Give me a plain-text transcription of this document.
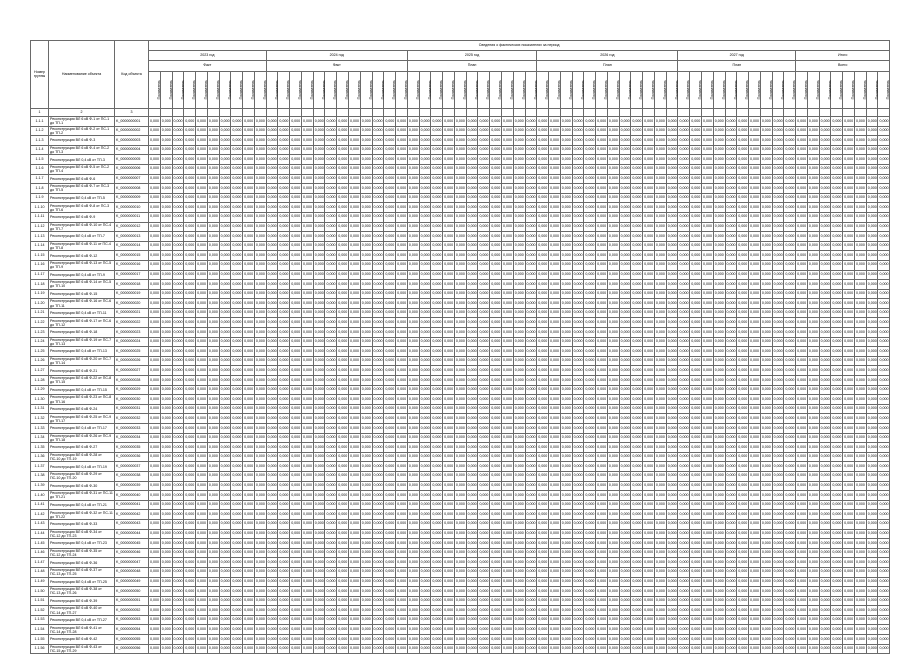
Номер группы	Наименование объекта	Код объекта	Сведения о фактических показателях за период
2023 год	2024 год	2025 год	2026 год	2027 год	Итого
Факт	Факт	План	План	План	Всего
Показатель	Показатель	Показатель	Показатель	Показатель	Показатель	Показатель	Показатель	Показатель	Показатель	Показатель	Показатель	Показатель	Показатель	Показатель	Показатель	Показатель	Показатель	Показатель	Показатель	Показатель	Показатель	Показатель	Показатель	Показатель	Показатель	Показатель	Показатель	Показатель	Показатель	Показатель	Показатель	Показатель	Показатель	Показатель	Показатель	Показатель	Показатель	Показатель	Показатель	Показатель	Показатель	Показатель	Показатель	Показатель	Показатель	Показатель	Показатель	Показатель	Показатель	Показатель	Показатель	Показатель	Показатель	Показатель	Показатель	Показатель	Показатель	Показатель	Показатель	Показатель	Показатель	Показатель
1	2	3																																																															
1.1.1	Реконструкция ВЛ 6 кВ Ф-1 от ПС-1 до ТП-1	K_0000000001	0,000	0,000	0,000	0,000	0,000	0,000	0,000	0,000	0,000	0,000	0,000	0,000	0,000	0,000	0,000	0,000	0,000	0,000	0,000	0,000	0,000	0,000	0,000	0,000	0,000	0,000	0,000	0,000	0,000	0,000	0,000	0,000	0,000	0,000	0,000	0,000	0,000	0,000	0,000	0,000	0,000	0,000	0,000	0,000	0,000	0,000	0,000	0,000	0,000	0,000	0,000	0,000	0,000	0,000	0,000	0,000	0,000	0,000	0,000	0,000	0,000	0,000	0,000
1.1.2	Реконструкция ВЛ 6 кВ Ф-2 от ПС-1 до ТП-2	K_0000000002	0,000	0,000	0,000	0,000	0,000	0,000	0,000	0,000	0,000	0,000	0,000	0,000	0,000	0,000	0,000	0,000	0,000	0,000	0,000	0,000	0,000	0,000	0,000	0,000	0,000	0,000	0,000	0,000	0,000	0,000	0,000	0,000	0,000	0,000	0,000	0,000	0,000	0,000	0,000	0,000	0,000	0,000	0,000	0,000	0,000	0,000	0,000	0,000	0,000	0,000	0,000	0,000	0,000	0,000	0,000	0,000	0,000	0,000	0,000	0,000	0,000	0,000	0,000
1.1.3	Реконструкция ВЛ 6 кВ Ф-3	K_0000000003	0,000	0,000	0,000	0,000	0,000	0,000	0,000	0,000	0,000	0,000	0,000	0,000	0,000	0,000	0,000	0,000	0,000	0,000	0,000	0,000	0,000	0,000	0,000	0,000	0,000	0,000	0,000	0,000	0,000	0,000	0,000	0,000	0,000	0,000	0,000	0,000	0,000	0,000	0,000	0,000	0,000	0,000	0,000	0,000	0,000	0,000	0,000	0,000	0,000	0,000	0,000	0,000	0,000	0,000	0,000	0,000	0,000	0,000	0,000	0,000	0,000	0,000	0,000
1.1.4	Реконструкция ВЛ 6 кВ Ф-4 от ПС-2 до ТП-3	K_0000000004	0,000	0,000	0,000	0,000	0,000	0,000	0,000	0,000	0,000	0,000	0,000	0,000	0,000	0,000	0,000	0,000	0,000	0,000	0,000	0,000	0,000	0,000	0,000	0,000	0,000	0,000	0,000	0,000	0,000	0,000	0,000	0,000	0,000	0,000	0,000	0,000	0,000	0,000	0,000	0,000	0,000	0,000	0,000	0,000	0,000	0,000	0,000	0,000	0,000	0,000	0,000	0,000	0,000	0,000	0,000	0,000	0,000	0,000	0,000	0,000	0,000	0,000	0,000
1.1.5	Реконструкция ВЛ 0,4 кВ от ТП-3	K_0000000005	0,000	0,000	0,000	0,000	0,000	0,000	0,000	0,000	0,000	0,000	0,000	0,000	0,000	0,000	0,000	0,000	0,000	0,000	0,000	0,000	0,000	0,000	0,000	0,000	0,000	0,000	0,000	0,000	0,000	0,000	0,000	0,000	0,000	0,000	0,000	0,000	0,000	0,000	0,000	0,000	0,000	0,000	0,000	0,000	0,000	0,000	0,000	0,000	0,000	0,000	0,000	0,000	0,000	0,000	0,000	0,000	0,000	0,000	0,000	0,000	0,000	0,000	0,000
1.1.6	Реконструкция ВЛ 6 кВ Ф-5 от ПС-2 до ТП-4	K_0000000006	0,000	0,000	0,000	0,000	0,000	0,000	0,000	0,000	0,000	0,000	0,000	0,000	0,000	0,000	0,000	0,000	0,000	0,000	0,000	0,000	0,000	0,000	0,000	0,000	0,000	0,000	0,000	0,000	0,000	0,000	0,000	0,000	0,000	0,000	0,000	0,000	0,000	0,000	0,000	0,000	0,000	0,000	0,000	0,000	0,000	0,000	0,000	0,000	0,000	0,000	0,000	0,000	0,000	0,000	0,000	0,000	0,000	0,000	0,000	0,000	0,000	0,000	0,000
1.1.7	Реконструкция ВЛ 6 кВ Ф-6	K_0000000007	0,000	0,000	0,000	0,000	0,000	0,000	0,000	0,000	0,000	0,000	0,000	0,000	0,000	0,000	0,000	0,000	0,000	0,000	0,000	0,000	0,000	0,000	0,000	0,000	0,000	0,000	0,000	0,000	0,000	0,000	0,000	0,000	0,000	0,000	0,000	0,000	0,000	0,000	0,000	0,000	0,000	0,000	0,000	0,000	0,000	0,000	0,000	0,000	0,000	0,000	0,000	0,000	0,000	0,000	0,000	0,000	0,000	0,000	0,000	0,000	0,000	0,000	0,000
1.1.8	Реконструкция ВЛ 6 кВ Ф-7 от ПС-3 до ТП-5	K_0000000008	0,000	0,000	0,000	0,000	0,000	0,000	0,000	0,000	0,000	0,000	0,000	0,000	0,000	0,000	0,000	0,000	0,000	0,000	0,000	0,000	0,000	0,000	0,000	0,000	0,000	0,000	0,000	0,000	0,000	0,000	0,000	0,000	0,000	0,000	0,000	0,000	0,000	0,000	0,000	0,000	0,000	0,000	0,000	0,000	0,000	0,000	0,000	0,000	0,000	0,000	0,000	0,000	0,000	0,000	0,000	0,000	0,000	0,000	0,000	0,000	0,000	0,000	0,000
1.1.9	Реконструкция ВЛ 0,4 кВ от ТП-5	K_0000000009	0,000	0,000	0,000	0,000	0,000	0,000	0,000	0,000	0,000	0,000	0,000	0,000	0,000	0,000	0,000	0,000	0,000	0,000	0,000	0,000	0,000	0,000	0,000	0,000	0,000	0,000	0,000	0,000	0,000	0,000	0,000	0,000	0,000	0,000	0,000	0,000	0,000	0,000	0,000	0,000	0,000	0,000	0,000	0,000	0,000	0,000	0,000	0,000	0,000	0,000	0,000	0,000	0,000	0,000	0,000	0,000	0,000	0,000	0,000	0,000	0,000	0,000	0,000
1.1.10	Реконструкция ВЛ 6 кВ Ф-8 от ПС-3 до ТП-6	K_0000000010	0,000	0,000	0,000	0,000	0,000	0,000	0,000	0,000	0,000	0,000	0,000	0,000	0,000	0,000	0,000	0,000	0,000	0,000	0,000	0,000	0,000	0,000	0,000	0,000	0,000	0,000	0,000	0,000	0,000	0,000	0,000	0,000	0,000	0,000	0,000	0,000	0,000	0,000	0,000	0,000	0,000	0,000	0,000	0,000	0,000	0,000	0,000	0,000	0,000	0,000	0,000	0,000	0,000	0,000	0,000	0,000	0,000	0,000	0,000	0,000	0,000	0,000	0,000
1.1.11	Реконструкция ВЛ 6 кВ Ф-9	K_0000000011	0,000	0,000	0,000	0,000	0,000	0,000	0,000	0,000	0,000	0,000	0,000	0,000	0,000	0,000	0,000	0,000	0,000	0,000	0,000	0,000	0,000	0,000	0,000	0,000	0,000	0,000	0,000	0,000	0,000	0,000	0,000	0,000	0,000	0,000	0,000	0,000	0,000	0,000	0,000	0,000	0,000	0,000	0,000	0,000	0,000	0,000	0,000	0,000	0,000	0,000	0,000	0,000	0,000	0,000	0,000	0,000	0,000	0,000	0,000	0,000	0,000	0,000	0,000
1.1.12	Реконструкция ВЛ 6 кВ Ф-10 от ПС-4 до ТП-7	K_0000000012	0,000	0,000	0,000	0,000	0,000	0,000	0,000	0,000	0,000	0,000	0,000	0,000	0,000	0,000	0,000	0,000	0,000	0,000	0,000	0,000	0,000	0,000	0,000	0,000	0,000	0,000	0,000	0,000	0,000	0,000	0,000	0,000	0,000	0,000	0,000	0,000	0,000	0,000	0,000	0,000	0,000	0,000	0,000	0,000	0,000	0,000	0,000	0,000	0,000	0,000	0,000	0,000	0,000	0,000	0,000	0,000	0,000	0,000	0,000	0,000	0,000	0,000	0,000
1.1.13	Реконструкция ВЛ 0,4 кВ от ТП-7	K_0000000013	0,000	0,000	0,000	0,000	0,000	0,000	0,000	0,000	0,000	0,000	0,000	0,000	0,000	0,000	0,000	0,000	0,000	0,000	0,000	0,000	0,000	0,000	0,000	0,000	0,000	0,000	0,000	0,000	0,000	0,000	0,000	0,000	0,000	0,000	0,000	0,000	0,000	0,000	0,000	0,000	0,000	0,000	0,000	0,000	0,000	0,000	0,000	0,000	0,000	0,000	0,000	0,000	0,000	0,000	0,000	0,000	0,000	0,000	0,000	0,000	0,000	0,000	0,000
1.1.14	Реконструкция ВЛ 6 кВ Ф-11 от ПС-4 до ТП-8	K_0000000014	0,000	0,000	0,000	0,000	0,000	0,000	0,000	0,000	0,000	0,000	0,000	0,000	0,000	0,000	0,000	0,000	0,000	0,000	0,000	0,000	0,000	0,000	0,000	0,000	0,000	0,000	0,000	0,000	0,000	0,000	0,000	0,000	0,000	0,000	0,000	0,000	0,000	0,000	0,000	0,000	0,000	0,000	0,000	0,000	0,000	0,000	0,000	0,000	0,000	0,000	0,000	0,000	0,000	0,000	0,000	0,000	0,000	0,000	0,000	0,000	0,000	0,000	0,000
1.1.15	Реконструкция ВЛ 6 кВ Ф-12	K_0000000015	0,000	0,000	0,000	0,000	0,000	0,000	0,000	0,000	0,000	0,000	0,000	0,000	0,000	0,000	0,000	0,000	0,000	0,000	0,000	0,000	0,000	0,000	0,000	0,000	0,000	0,000	0,000	0,000	0,000	0,000	0,000	0,000	0,000	0,000	0,000	0,000	0,000	0,000	0,000	0,000	0,000	0,000	0,000	0,000	0,000	0,000	0,000	0,000	0,000	0,000	0,000	0,000	0,000	0,000	0,000	0,000	0,000	0,000	0,000	0,000	0,000	0,000	0,000
1.1.16	Реконструкция ВЛ 6 кВ Ф-13 от ПС-5 до ТП-9	K_0000000016	0,000	0,000	0,000	0,000	0,000	0,000	0,000	0,000	0,000	0,000	0,000	0,000	0,000	0,000	0,000	0,000	0,000	0,000	0,000	0,000	0,000	0,000	0,000	0,000	0,000	0,000	0,000	0,000	0,000	0,000	0,000	0,000	0,000	0,000	0,000	0,000	0,000	0,000	0,000	0,000	0,000	0,000	0,000	0,000	0,000	0,000	0,000	0,000	0,000	0,000	0,000	0,000	0,000	0,000	0,000	0,000	0,000	0,000	0,000	0,000	0,000	0,000	0,000
1.1.17	Реконструкция ВЛ 0,4 кВ от ТП-9	K_0000000017	0,000	0,000	0,000	0,000	0,000	0,000	0,000	0,000	0,000	0,000	0,000	0,000	0,000	0,000	0,000	0,000	0,000	0,000	0,000	0,000	0,000	0,000	0,000	0,000	0,000	0,000	0,000	0,000	0,000	0,000	0,000	0,000	0,000	0,000	0,000	0,000	0,000	0,000	0,000	0,000	0,000	0,000	0,000	0,000	0,000	0,000	0,000	0,000	0,000	0,000	0,000	0,000	0,000	0,000	0,000	0,000	0,000	0,000	0,000	0,000	0,000	0,000	0,000
1.1.18	Реконструкция ВЛ 6 кВ Ф-14 от ПС-5 до ТП-10	K_0000000018	0,000	0,000	0,000	0,000	0,000	0,000	0,000	0,000	0,000	0,000	0,000	0,000	0,000	0,000	0,000	0,000	0,000	0,000	0,000	0,000	0,000	0,000	0,000	0,000	0,000	0,000	0,000	0,000	0,000	0,000	0,000	0,000	0,000	0,000	0,000	0,000	0,000	0,000	0,000	0,000	0,000	0,000	0,000	0,000	0,000	0,000	0,000	0,000	0,000	0,000	0,000	0,000	0,000	0,000	0,000	0,000	0,000	0,000	0,000	0,000	0,000	0,000	0,000
1.1.19	Реконструкция ВЛ 6 кВ Ф-15	K_0000000019	0,000	0,000	0,000	0,000	0,000	0,000	0,000	0,000	0,000	0,000	0,000	0,000	0,000	0,000	0,000	0,000	0,000	0,000	0,000	0,000	0,000	0,000	0,000	0,000	0,000	0,000	0,000	0,000	0,000	0,000	0,000	0,000	0,000	0,000	0,000	0,000	0,000	0,000	0,000	0,000	0,000	0,000	0,000	0,000	0,000	0,000	0,000	0,000	0,000	0,000	0,000	0,000	0,000	0,000	0,000	0,000	0,000	0,000	0,000	0,000	0,000	0,000	0,000
1.1.20	Реконструкция ВЛ 6 кВ Ф-16 от ПС-6 до ТП-11	K_0000000020	0,000	0,000	0,000	0,000	0,000	0,000	0,000	0,000	0,000	0,000	0,000	0,000	0,000	0,000	0,000	0,000	0,000	0,000	0,000	0,000	0,000	0,000	0,000	0,000	0,000	0,000	0,000	0,000	0,000	0,000	0,000	0,000	0,000	0,000	0,000	0,000	0,000	0,000	0,000	0,000	0,000	0,000	0,000	0,000	0,000	0,000	0,000	0,000	0,000	0,000	0,000	0,000	0,000	0,000	0,000	0,000	0,000	0,000	0,000	0,000	0,000	0,000	0,000
1.1.21	Реконструкция ВЛ 0,4 кВ от ТП-11	K_0000000021	0,000	0,000	0,000	0,000	0,000	0,000	0,000	0,000	0,000	0,000	0,000	0,000	0,000	0,000	0,000	0,000	0,000	0,000	0,000	0,000	0,000	0,000	0,000	0,000	0,000	0,000	0,000	0,000	0,000	0,000	0,000	0,000	0,000	0,000	0,000	0,000	0,000	0,000	0,000	0,000	0,000	0,000	0,000	0,000	0,000	0,000	0,000	0,000	0,000	0,000	0,000	0,000	0,000	0,000	0,000	0,000	0,000	0,000	0,000	0,000	0,000	0,000	0,000
1.1.22	Реконструкция ВЛ 6 кВ Ф-17 от ПС-6 до ТП-12	K_0000000022	0,000	0,000	0,000	0,000	0,000	0,000	0,000	0,000	0,000	0,000	0,000	0,000	0,000	0,000	0,000	0,000	0,000	0,000	0,000	0,000	0,000	0,000	0,000	0,000	0,000	0,000	0,000	0,000	0,000	0,000	0,000	0,000	0,000	0,000	0,000	0,000	0,000	0,000	0,000	0,000	0,000	0,000	0,000	0,000	0,000	0,000	0,000	0,000	0,000	0,000	0,000	0,000	0,000	0,000	0,000	0,000	0,000	0,000	0,000	0,000	0,000	0,000	0,000
1.1.23	Реконструкция ВЛ 6 кВ Ф-18	K_0000000023	0,000	0,000	0,000	0,000	0,000	0,000	0,000	0,000	0,000	0,000	0,000	0,000	0,000	0,000	0,000	0,000	0,000	0,000	0,000	0,000	0,000	0,000	0,000	0,000	0,000	0,000	0,000	0,000	0,000	0,000	0,000	0,000	0,000	0,000	0,000	0,000	0,000	0,000	0,000	0,000	0,000	0,000	0,000	0,000	0,000	0,000	0,000	0,000	0,000	0,000	0,000	0,000	0,000	0,000	0,000	0,000	0,000	0,000	0,000	0,000	0,000	0,000	0,000
1.1.24	Реконструкция ВЛ 6 кВ Ф-19 от ПС-7 до ТП-13	K_0000000024	0,000	0,000	0,000	0,000	0,000	0,000	0,000	0,000	0,000	0,000	0,000	0,000	0,000	0,000	0,000	0,000	0,000	0,000	0,000	0,000	0,000	0,000	0,000	0,000	0,000	0,000	0,000	0,000	0,000	0,000	0,000	0,000	0,000	0,000	0,000	0,000	0,000	0,000	0,000	0,000	0,000	0,000	0,000	0,000	0,000	0,000	0,000	0,000	0,000	0,000	0,000	0,000	0,000	0,000	0,000	0,000	0,000	0,000	0,000	0,000	0,000	0,000	0,000
1.1.25	Реконструкция ВЛ 0,4 кВ от ТП-13	K_0000000025	0,000	0,000	0,000	0,000	0,000	0,000	0,000	0,000	0,000	0,000	0,000	0,000	0,000	0,000	0,000	0,000	0,000	0,000	0,000	0,000	0,000	0,000	0,000	0,000	0,000	0,000	0,000	0,000	0,000	0,000	0,000	0,000	0,000	0,000	0,000	0,000	0,000	0,000	0,000	0,000	0,000	0,000	0,000	0,000	0,000	0,000	0,000	0,000	0,000	0,000	0,000	0,000	0,000	0,000	0,000	0,000	0,000	0,000	0,000	0,000	0,000	0,000	0,000
1.1.26	Реконструкция ВЛ 6 кВ Ф-20 от ПС-7 до ТП-14	K_0000000026	0,000	0,000	0,000	0,000	0,000	0,000	0,000	0,000	0,000	0,000	0,000	0,000	0,000	0,000	0,000	0,000	0,000	0,000	0,000	0,000	0,000	0,000	0,000	0,000	0,000	0,000	0,000	0,000	0,000	0,000	0,000	0,000	0,000	0,000	0,000	0,000	0,000	0,000	0,000	0,000	0,000	0,000	0,000	0,000	0,000	0,000	0,000	0,000	0,000	0,000	0,000	0,000	0,000	0,000	0,000	0,000	0,000	0,000	0,000	0,000	0,000	0,000	0,000
1.1.27	Реконструкция ВЛ 6 кВ Ф-21	K_0000000027	0,000	0,000	0,000	0,000	0,000	0,000	0,000	0,000	0,000	0,000	0,000	0,000	0,000	0,000	0,000	0,000	0,000	0,000	0,000	0,000	0,000	0,000	0,000	0,000	0,000	0,000	0,000	0,000	0,000	0,000	0,000	0,000	0,000	0,000	0,000	0,000	0,000	0,000	0,000	0,000	0,000	0,000	0,000	0,000	0,000	0,000	0,000	0,000	0,000	0,000	0,000	0,000	0,000	0,000	0,000	0,000	0,000	0,000	0,000	0,000	0,000	0,000	0,000
1.1.28	Реконструкция ВЛ 6 кВ Ф-22 от ПС-8 до ТП-15	K_0000000028	0,000	0,000	0,000	0,000	0,000	0,000	0,000	0,000	0,000	0,000	0,000	0,000	0,000	0,000	0,000	0,000	0,000	0,000	0,000	0,000	0,000	0,000	0,000	0,000	0,000	0,000	0,000	0,000	0,000	0,000	0,000	0,000	0,000	0,000	0,000	0,000	0,000	0,000	0,000	0,000	0,000	0,000	0,000	0,000	0,000	0,000	0,000	0,000	0,000	0,000	0,000	0,000	0,000	0,000	0,000	0,000	0,000	0,000	0,000	0,000	0,000	0,000	0,000
1.1.29	Реконструкция ВЛ 0,4 кВ от ТП-15	K_0000000029	0,000	0,000	0,000	0,000	0,000	0,000	0,000	0,000	0,000	0,000	0,000	0,000	0,000	0,000	0,000	0,000	0,000	0,000	0,000	0,000	0,000	0,000	0,000	0,000	0,000	0,000	0,000	0,000	0,000	0,000	0,000	0,000	0,000	0,000	0,000	0,000	0,000	0,000	0,000	0,000	0,000	0,000	0,000	0,000	0,000	0,000	0,000	0,000	0,000	0,000	0,000	0,000	0,000	0,000	0,000	0,000	0,000	0,000	0,000	0,000	0,000	0,000	0,000
1.1.30	Реконструкция ВЛ 6 кВ Ф-23 от ПС-8 до ТП-16	K_0000000030	0,000	0,000	0,000	0,000	0,000	0,000	0,000	0,000	0,000	0,000	0,000	0,000	0,000	0,000	0,000	0,000	0,000	0,000	0,000	0,000	0,000	0,000	0,000	0,000	0,000	0,000	0,000	0,000	0,000	0,000	0,000	0,000	0,000	0,000	0,000	0,000	0,000	0,000	0,000	0,000	0,000	0,000	0,000	0,000	0,000	0,000	0,000	0,000	0,000	0,000	0,000	0,000	0,000	0,000	0,000	0,000	0,000	0,000	0,000	0,000	0,000	0,000	0,000
1.1.31	Реконструкция ВЛ 6 кВ Ф-24	K_0000000031	0,000	0,000	0,000	0,000	0,000	0,000	0,000	0,000	0,000	0,000	0,000	0,000	0,000	0,000	0,000	0,000	0,000	0,000	0,000	0,000	0,000	0,000	0,000	0,000	0,000	0,000	0,000	0,000	0,000	0,000	0,000	0,000	0,000	0,000	0,000	0,000	0,000	0,000	0,000	0,000	0,000	0,000	0,000	0,000	0,000	0,000	0,000	0,000	0,000	0,000	0,000	0,000	0,000	0,000	0,000	0,000	0,000	0,000	0,000	0,000	0,000	0,000	0,000
1.1.32	Реконструкция ВЛ 6 кВ Ф-25 от ПС-9 до ТП-17	K_0000000032	0,000	0,000	0,000	0,000	0,000	0,000	0,000	0,000	0,000	0,000	0,000	0,000	0,000	0,000	0,000	0,000	0,000	0,000	0,000	0,000	0,000	0,000	0,000	0,000	0,000	0,000	0,000	0,000	0,000	0,000	0,000	0,000	0,000	0,000	0,000	0,000	0,000	0,000	0,000	0,000	0,000	0,000	0,000	0,000	0,000	0,000	0,000	0,000	0,000	0,000	0,000	0,000	0,000	0,000	0,000	0,000	0,000	0,000	0,000	0,000	0,000	0,000	0,000
1.1.33	Реконструкция ВЛ 0,4 кВ от ТП-17	K_0000000033	0,000	0,000	0,000	0,000	0,000	0,000	0,000	0,000	0,000	0,000	0,000	0,000	0,000	0,000	0,000	0,000	0,000	0,000	0,000	0,000	0,000	0,000	0,000	0,000	0,000	0,000	0,000	0,000	0,000	0,000	0,000	0,000	0,000	0,000	0,000	0,000	0,000	0,000	0,000	0,000	0,000	0,000	0,000	0,000	0,000	0,000	0,000	0,000	0,000	0,000	0,000	0,000	0,000	0,000	0,000	0,000	0,000	0,000	0,000	0,000	0,000	0,000	0,000
1.1.34	Реконструкция ВЛ 6 кВ Ф-26 от ПС-9 до ТП-18	K_0000000034	0,000	0,000	0,000	0,000	0,000	0,000	0,000	0,000	0,000	0,000	0,000	0,000	0,000	0,000	0,000	0,000	0,000	0,000	0,000	0,000	0,000	0,000	0,000	0,000	0,000	0,000	0,000	0,000	0,000	0,000	0,000	0,000	0,000	0,000	0,000	0,000	0,000	0,000	0,000	0,000	0,000	0,000	0,000	0,000	0,000	0,000	0,000	0,000	0,000	0,000	0,000	0,000	0,000	0,000	0,000	0,000	0,000	0,000	0,000	0,000	0,000	0,000	0,000
1.1.35	Реконструкция ВЛ 6 кВ Ф-27	K_0000000035	0,000	0,000	0,000	0,000	0,000	0,000	0,000	0,000	0,000	0,000	0,000	0,000	0,000	0,000	0,000	0,000	0,000	0,000	0,000	0,000	0,000	0,000	0,000	0,000	0,000	0,000	0,000	0,000	0,000	0,000	0,000	0,000	0,000	0,000	0,000	0,000	0,000	0,000	0,000	0,000	0,000	0,000	0,000	0,000	0,000	0,000	0,000	0,000	0,000	0,000	0,000	0,000	0,000	0,000	0,000	0,000	0,000	0,000	0,000	0,000	0,000	0,000	0,000
1.1.36	Реконструкция ВЛ 6 кВ Ф-28 от ПС-10 до ТП-19	K_0000000036	0,000	0,000	0,000	0,000	0,000	0,000	0,000	0,000	0,000	0,000	0,000	0,000	0,000	0,000	0,000	0,000	0,000	0,000	0,000	0,000	0,000	0,000	0,000	0,000	0,000	0,000	0,000	0,000	0,000	0,000	0,000	0,000	0,000	0,000	0,000	0,000	0,000	0,000	0,000	0,000	0,000	0,000	0,000	0,000	0,000	0,000	0,000	0,000	0,000	0,000	0,000	0,000	0,000	0,000	0,000	0,000	0,000	0,000	0,000	0,000	0,000	0,000	0,000
1.1.37	Реконструкция ВЛ 0,4 кВ от ТП-19	K_0000000037	0,000	0,000	0,000	0,000	0,000	0,000	0,000	0,000	0,000	0,000	0,000	0,000	0,000	0,000	0,000	0,000	0,000	0,000	0,000	0,000	0,000	0,000	0,000	0,000	0,000	0,000	0,000	0,000	0,000	0,000	0,000	0,000	0,000	0,000	0,000	0,000	0,000	0,000	0,000	0,000	0,000	0,000	0,000	0,000	0,000	0,000	0,000	0,000	0,000	0,000	0,000	0,000	0,000	0,000	0,000	0,000	0,000	0,000	0,000	0,000	0,000	0,000	0,000
1.1.38	Реконструкция ВЛ 6 кВ Ф-29 от ПС-10 до ТП-20	K_0000000038	0,000	0,000	0,000	0,000	0,000	0,000	0,000	0,000	0,000	0,000	0,000	0,000	0,000	0,000	0,000	0,000	0,000	0,000	0,000	0,000	0,000	0,000	0,000	0,000	0,000	0,000	0,000	0,000	0,000	0,000	0,000	0,000	0,000	0,000	0,000	0,000	0,000	0,000	0,000	0,000	0,000	0,000	0,000	0,000	0,000	0,000	0,000	0,000	0,000	0,000	0,000	0,000	0,000	0,000	0,000	0,000	0,000	0,000	0,000	0,000	0,000	0,000	0,000
1.1.39	Реконструкция ВЛ 6 кВ Ф-30	K_0000000039	0,000	0,000	0,000	0,000	0,000	0,000	0,000	0,000	0,000	0,000	0,000	0,000	0,000	0,000	0,000	0,000	0,000	0,000	0,000	0,000	0,000	0,000	0,000	0,000	0,000	0,000	0,000	0,000	0,000	0,000	0,000	0,000	0,000	0,000	0,000	0,000	0,000	0,000	0,000	0,000	0,000	0,000	0,000	0,000	0,000	0,000	0,000	0,000	0,000	0,000	0,000	0,000	0,000	0,000	0,000	0,000	0,000	0,000	0,000	0,000	0,000	0,000	0,000
1.1.40	Реконструкция ВЛ 6 кВ Ф-31 от ПС-11 до ТП-21	K_0000000040	0,000	0,000	0,000	0,000	0,000	0,000	0,000	0,000	0,000	0,000	0,000	0,000	0,000	0,000	0,000	0,000	0,000	0,000	0,000	0,000	0,000	0,000	0,000	0,000	0,000	0,000	0,000	0,000	0,000	0,000	0,000	0,000	0,000	0,000	0,000	0,000	0,000	0,000	0,000	0,000	0,000	0,000	0,000	0,000	0,000	0,000	0,000	0,000	0,000	0,000	0,000	0,000	0,000	0,000	0,000	0,000	0,000	0,000	0,000	0,000	0,000	0,000	0,000
1.1.41	Реконструкция ВЛ 0,4 кВ от ТП-21	K_0000000041	0,000	0,000	0,000	0,000	0,000	0,000	0,000	0,000	0,000	0,000	0,000	0,000	0,000	0,000	0,000	0,000	0,000	0,000	0,000	0,000	0,000	0,000	0,000	0,000	0,000	0,000	0,000	0,000	0,000	0,000	0,000	0,000	0,000	0,000	0,000	0,000	0,000	0,000	0,000	0,000	0,000	0,000	0,000	0,000	0,000	0,000	0,000	0,000	0,000	0,000	0,000	0,000	0,000	0,000	0,000	0,000	0,000	0,000	0,000	0,000	0,000	0,000	0,000
1.1.42	Реконструкция ВЛ 6 кВ Ф-32 от ПС-11 до ТП-22	K_0000000042	0,000	0,000	0,000	0,000	0,000	0,000	0,000	0,000	0,000	0,000	0,000	0,000	0,000	0,000	0,000	0,000	0,000	0,000	0,000	0,000	0,000	0,000	0,000	0,000	0,000	0,000	0,000	0,000	0,000	0,000	0,000	0,000	0,000	0,000	0,000	0,000	0,000	0,000	0,000	0,000	0,000	0,000	0,000	0,000	0,000	0,000	0,000	0,000	0,000	0,000	0,000	0,000	0,000	0,000	0,000	0,000	0,000	0,000	0,000	0,000	0,000	0,000	0,000
1.1.43	Реконструкция ВЛ 6 кВ Ф-33	K_0000000043	0,000	0,000	0,000	0,000	0,000	0,000	0,000	0,000	0,000	0,000	0,000	0,000	0,000	0,000	0,000	0,000	0,000	0,000	0,000	0,000	0,000	0,000	0,000	0,000	0,000	0,000	0,000	0,000	0,000	0,000	0,000	0,000	0,000	0,000	0,000	0,000	0,000	0,000	0,000	0,000	0,000	0,000	0,000	0,000	0,000	0,000	0,000	0,000	0,000	0,000	0,000	0,000	0,000	0,000	0,000	0,000	0,000	0,000	0,000	0,000	0,000	0,000	0,000
1.1.44	Реконструкция ВЛ 6 кВ Ф-34 от ПС-12 до ТП-23	K_0000000044	0,000	0,000	0,000	0,000	0,000	0,000	0,000	0,000	0,000	0,000	0,000	0,000	0,000	0,000	0,000	0,000	0,000	0,000	0,000	0,000	0,000	0,000	0,000	0,000	0,000	0,000	0,000	0,000	0,000	0,000	0,000	0,000	0,000	0,000	0,000	0,000	0,000	0,000	0,000	0,000	0,000	0,000	0,000	0,000	0,000	0,000	0,000	0,000	0,000	0,000	0,000	0,000	0,000	0,000	0,000	0,000	0,000	0,000	0,000	0,000	0,000	0,000	0,000
1.1.45	Реконструкция ВЛ 0,4 кВ от ТП-23	K_0000000045	0,000	0,000	0,000	0,000	0,000	0,000	0,000	0,000	0,000	0,000	0,000	0,000	0,000	0,000	0,000	0,000	0,000	0,000	0,000	0,000	0,000	0,000	0,000	0,000	0,000	0,000	0,000	0,000	0,000	0,000	0,000	0,000	0,000	0,000	0,000	0,000	0,000	0,000	0,000	0,000	0,000	0,000	0,000	0,000	0,000	0,000	0,000	0,000	0,000	0,000	0,000	0,000	0,000	0,000	0,000	0,000	0,000	0,000	0,000	0,000	0,000	0,000	0,000
1.1.46	Реконструкция ВЛ 6 кВ Ф-35 от ПС-12 до ТП-24	K_0000000046	0,000	0,000	0,000	0,000	0,000	0,000	0,000	0,000	0,000	0,000	0,000	0,000	0,000	0,000	0,000	0,000	0,000	0,000	0,000	0,000	0,000	0,000	0,000	0,000	0,000	0,000	0,000	0,000	0,000	0,000	0,000	0,000	0,000	0,000	0,000	0,000	0,000	0,000	0,000	0,000	0,000	0,000	0,000	0,000	0,000	0,000	0,000	0,000	0,000	0,000	0,000	0,000	0,000	0,000	0,000	0,000	0,000	0,000	0,000	0,000	0,000	0,000	0,000
1.1.47	Реконструкция ВЛ 6 кВ Ф-36	K_0000000047	0,000	0,000	0,000	0,000	0,000	0,000	0,000	0,000	0,000	0,000	0,000	0,000	0,000	0,000	0,000	0,000	0,000	0,000	0,000	0,000	0,000	0,000	0,000	0,000	0,000	0,000	0,000	0,000	0,000	0,000	0,000	0,000	0,000	0,000	0,000	0,000	0,000	0,000	0,000	0,000	0,000	0,000	0,000	0,000	0,000	0,000	0,000	0,000	0,000	0,000	0,000	0,000	0,000	0,000	0,000	0,000	0,000	0,000	0,000	0,000	0,000	0,000	0,000
1.1.48	Реконструкция ВЛ 6 кВ Ф-37 от ПС-13 до ТП-25	K_0000000048	0,000	0,000	0,000	0,000	0,000	0,000	0,000	0,000	0,000	0,000	0,000	0,000	0,000	0,000	0,000	0,000	0,000	0,000	0,000	0,000	0,000	0,000	0,000	0,000	0,000	0,000	0,000	0,000	0,000	0,000	0,000	0,000	0,000	0,000	0,000	0,000	0,000	0,000	0,000	0,000	0,000	0,000	0,000	0,000	0,000	0,000	0,000	0,000	0,000	0,000	0,000	0,000	0,000	0,000	0,000	0,000	0,000	0,000	0,000	0,000	0,000	0,000	0,000
1.1.49	Реконструкция ВЛ 0,4 кВ от ТП-25	K_0000000049	0,000	0,000	0,000	0,000	0,000	0,000	0,000	0,000	0,000	0,000	0,000	0,000	0,000	0,000	0,000	0,000	0,000	0,000	0,000	0,000	0,000	0,000	0,000	0,000	0,000	0,000	0,000	0,000	0,000	0,000	0,000	0,000	0,000	0,000	0,000	0,000	0,000	0,000	0,000	0,000	0,000	0,000	0,000	0,000	0,000	0,000	0,000	0,000	0,000	0,000	0,000	0,000	0,000	0,000	0,000	0,000	0,000	0,000	0,000	0,000	0,000	0,000	0,000
1.1.50	Реконструкция ВЛ 6 кВ Ф-38 от ПС-13 до ТП-26	K_0000000050	0,000	0,000	0,000	0,000	0,000	0,000	0,000	0,000	0,000	0,000	0,000	0,000	0,000	0,000	0,000	0,000	0,000	0,000	0,000	0,000	0,000	0,000	0,000	0,000	0,000	0,000	0,000	0,000	0,000	0,000	0,000	0,000	0,000	0,000	0,000	0,000	0,000	0,000	0,000	0,000	0,000	0,000	0,000	0,000	0,000	0,000	0,000	0,000	0,000	0,000	0,000	0,000	0,000	0,000	0,000	0,000	0,000	0,000	0,000	0,000	0,000	0,000	0,000
1.1.51	Реконструкция ВЛ 6 кВ Ф-39	K_0000000051	0,000	0,000	0,000	0,000	0,000	0,000	0,000	0,000	0,000	0,000	0,000	0,000	0,000	0,000	0,000	0,000	0,000	0,000	0,000	0,000	0,000	0,000	0,000	0,000	0,000	0,000	0,000	0,000	0,000	0,000	0,000	0,000	0,000	0,000	0,000	0,000	0,000	0,000	0,000	0,000	0,000	0,000	0,000	0,000	0,000	0,000	0,000	0,000	0,000	0,000	0,000	0,000	0,000	0,000	0,000	0,000	0,000	0,000	0,000	0,000	0,000	0,000	0,000
1.1.52	Реконструкция ВЛ 6 кВ Ф-40 от ПС-14 до ТП-27	K_0000000052	0,000	0,000	0,000	0,000	0,000	0,000	0,000	0,000	0,000	0,000	0,000	0,000	0,000	0,000	0,000	0,000	0,000	0,000	0,000	0,000	0,000	0,000	0,000	0,000	0,000	0,000	0,000	0,000	0,000	0,000	0,000	0,000	0,000	0,000	0,000	0,000	0,000	0,000	0,000	0,000	0,000	0,000	0,000	0,000	0,000	0,000	0,000	0,000	0,000	0,000	0,000	0,000	0,000	0,000	0,000	0,000	0,000	0,000	0,000	0,000	0,000	0,000	0,000
1.1.53	Реконструкция ВЛ 0,4 кВ от ТП-27	K_0000000053	0,000	0,000	0,000	0,000	0,000	0,000	0,000	0,000	0,000	0,000	0,000	0,000	0,000	0,000	0,000	0,000	0,000	0,000	0,000	0,000	0,000	0,000	0,000	0,000	0,000	0,000	0,000	0,000	0,000	0,000	0,000	0,000	0,000	0,000	0,000	0,000	0,000	0,000	0,000	0,000	0,000	0,000	0,000	0,000	0,000	0,000	0,000	0,000	0,000	0,000	0,000	0,000	0,000	0,000	0,000	0,000	0,000	0,000	0,000	0,000	0,000	0,000	0,000
1.1.54	Реконструкция ВЛ 6 кВ Ф-41 от ПС-14 до ТП-28	K_0000000054	0,000	0,000	0,000	0,000	0,000	0,000	0,000	0,000	0,000	0,000	0,000	0,000	0,000	0,000	0,000	0,000	0,000	0,000	0,000	0,000	0,000	0,000	0,000	0,000	0,000	0,000	0,000	0,000	0,000	0,000	0,000	0,000	0,000	0,000	0,000	0,000	0,000	0,000	0,000	0,000	0,000	0,000	0,000	0,000	0,000	0,000	0,000	0,000	0,000	0,000	0,000	0,000	0,000	0,000	0,000	0,000	0,000	0,000	0,000	0,000	0,000	0,000	0,000
1.1.55	Реконструкция ВЛ 6 кВ Ф-42	K_0000000055	0,000	0,000	0,000	0,000	0,000	0,000	0,000	0,000	0,000	0,000	0,000	0,000	0,000	0,000	0,000	0,000	0,000	0,000	0,000	0,000	0,000	0,000	0,000	0,000	0,000	0,000	0,000	0,000	0,000	0,000	0,000	0,000	0,000	0,000	0,000	0,000	0,000	0,000	0,000	0,000	0,000	0,000	0,000	0,000	0,000	0,000	0,000	0,000	0,000	0,000	0,000	0,000	0,000	0,000	0,000	0,000	0,000	0,000	0,000	0,000	0,000	0,000	0,000
1.1.56	Реконструкция ВЛ 6 кВ Ф-43 от ПС-15 до ТП-29	K_0000000056	0,000	0,000	0,000	0,000	0,000	0,000	0,000	0,000	0,000	0,000	0,000	0,000	0,000	0,000	0,000	0,000	0,000	0,000	0,000	0,000	0,000	0,000	0,000	0,000	0,000	0,000	0,000	0,000	0,000	0,000	0,000	0,000	0,000	0,000	0,000	0,000	0,000	0,000	0,000	0,000	0,000	0,000	0,000	0,000	0,000	0,000	0,000	0,000	0,000	0,000	0,000	0,000	0,000	0,000	0,000	0,000	0,000	0,000	0,000	0,000	0,000	0,000	0,000
